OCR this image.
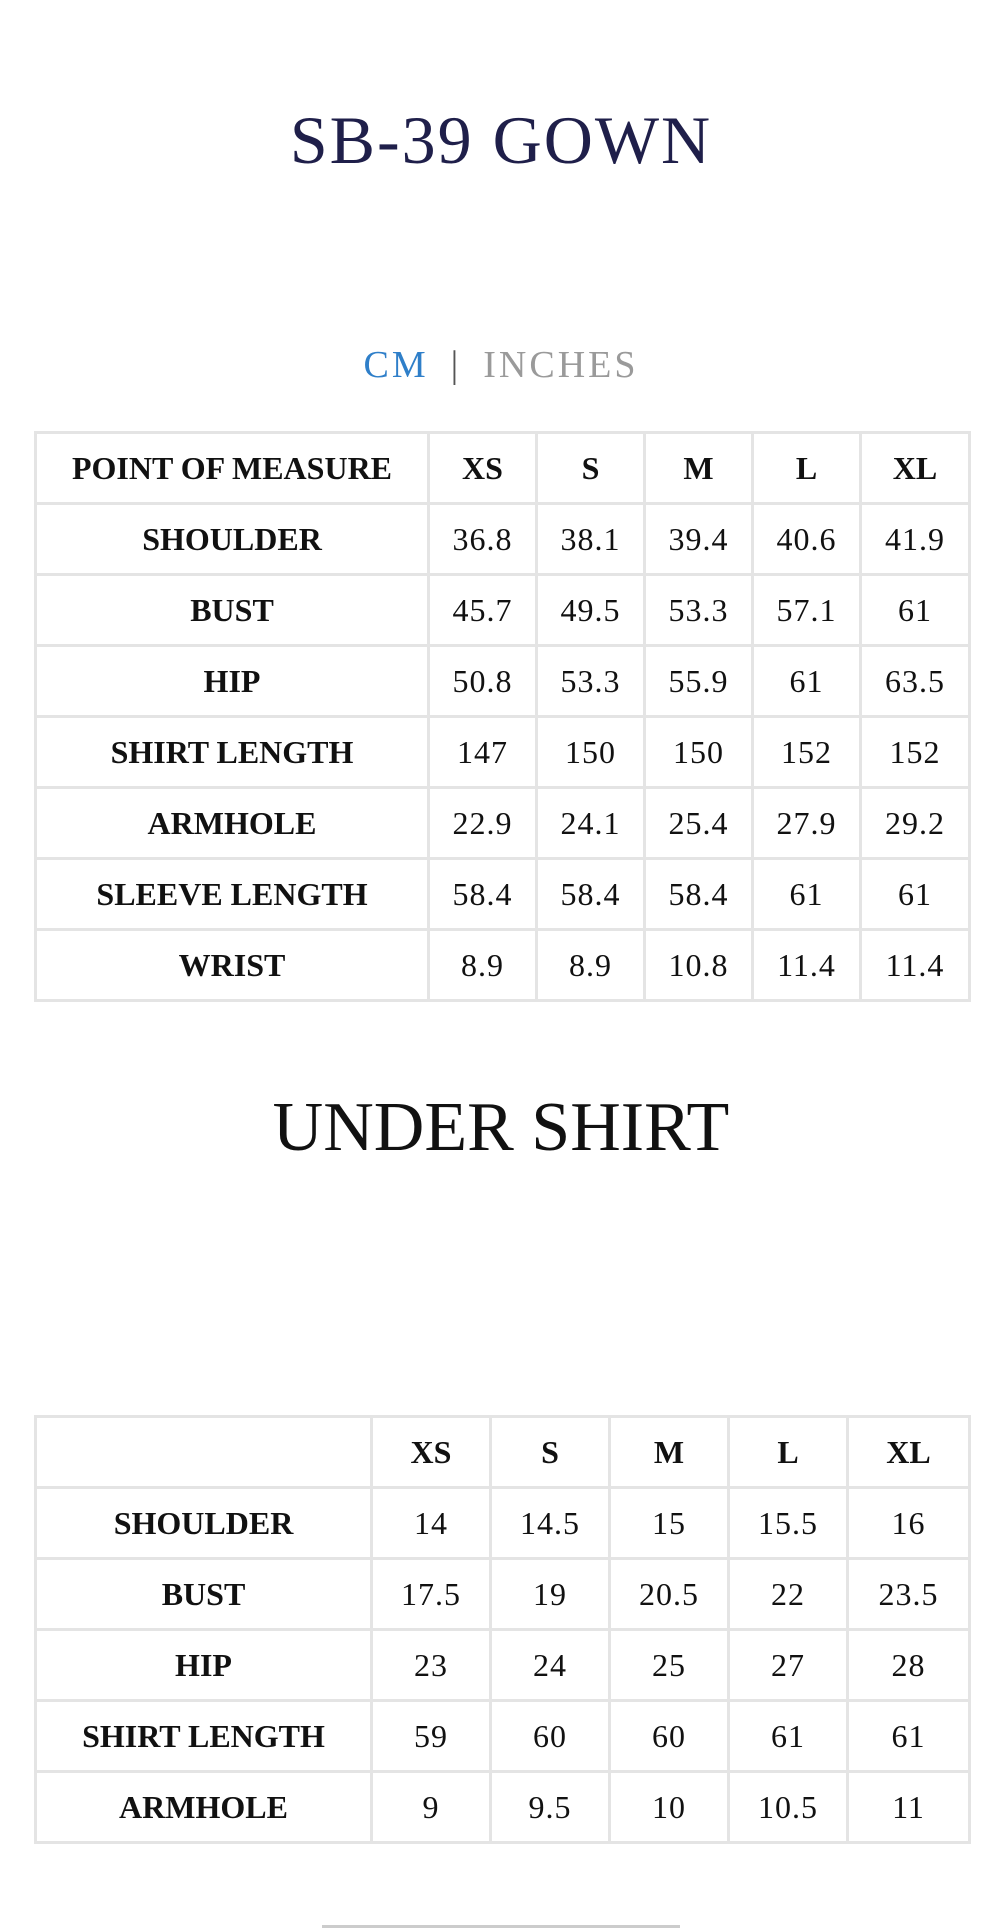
SB-39 GOWN
CM | INCHES
POINT OF MEASURE	XS	S	M	L	XL
SHOULDER	36.8	38.1	39.4	40.6	41.9
BUST	45.7	49.5	53.3	57.1	61
HIP	50.8	53.3	55.9	61	63.5
SHIRT LENGTH	147	150	150	152	152
ARMHOLE	22.9	24.1	25.4	27.9	29.2
SLEEVE LENGTH	58.4	58.4	58.4	61	61
WRIST	8.9	8.9	10.8	11.4	11.4
UNDER SHIRT
	XS	S	M	L	XL
SHOULDER	14	14.5	15	15.5	16
BUST	17.5	19	20.5	22	23.5
HIP	23	24	25	27	28
SHIRT LENGTH	59	60	60	61	61
ARMHOLE	9	9.5	10	10.5	11
